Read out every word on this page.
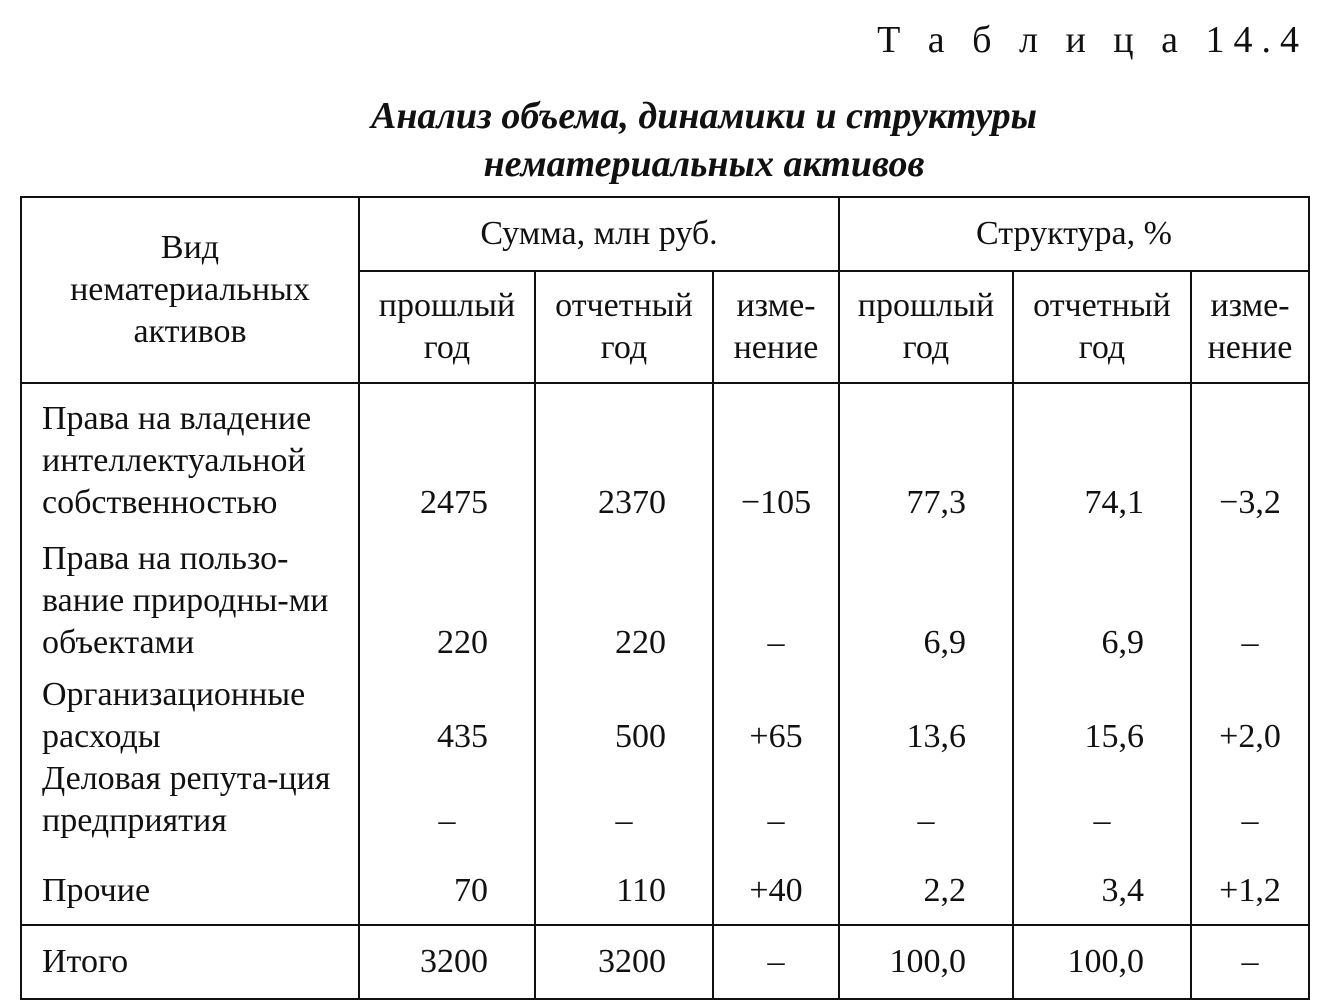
Т а б л и ц а 14.4
Анализ объема, динамики и структуры
нематериальных активов
Вид нематериальных активов	Сумма, млн руб.			Структура, %		
	прошлый год	отчетный год	изме-нение	прошлый год	отчетный год	изме-нение
Права на владение интеллектуальной собственностью	2475	2370	−105	77,3	74,1	−3,2
Права на пользо-вание природны-ми объектами	220	220	–	6,9	6,9	–
Организационные расходы	435	500	+65	13,6	15,6	+2,0
Деловая репута-ция предприятия	–	–	–	–	–	–
Прочие	70	110	+40	2,2	3,4	+1,2
Итого	3200	3200	–	100,0	100,0	–
